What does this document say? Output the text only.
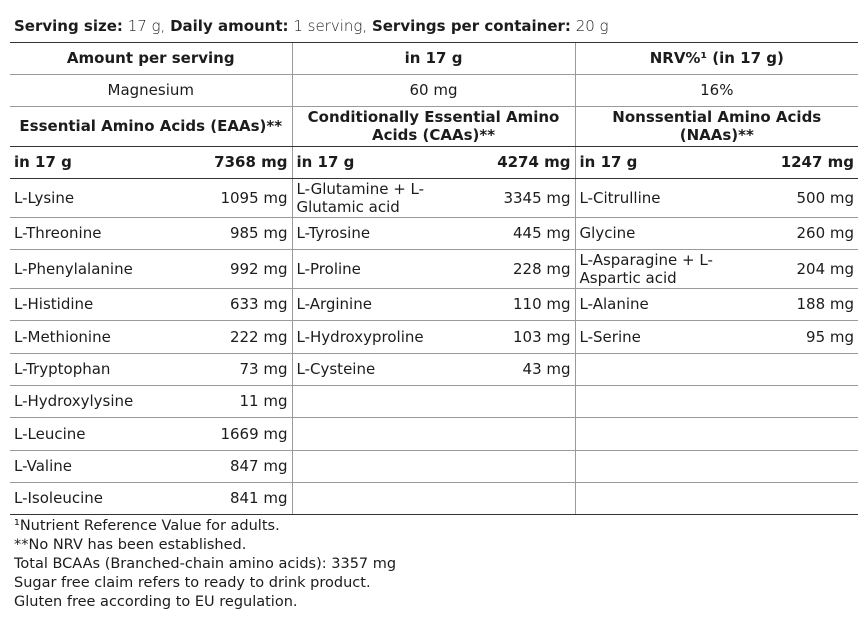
Serving size: 17 g, Daily amount: 1 serving, Servings per container: 20 g
Amount per serving		in 17 g		NRV%¹ (in 17 g)	
Magnesium		60 mg		16%	
Essential Amino Acids (EAAs)**		Conditionally Essential Amino Acids (CAAs)**		Nonssential Amino Acids (NAAs)**	
in 17 g	7368 mg	in 17 g	4274 mg	in 17 g	1247 mg
L-Lysine	1095 mg	L-Glutamine + L-Glutamic acid	3345 mg	L-Citrulline	500 mg
L-Threonine	985 mg	L-Tyrosine	445 mg	Glycine	260 mg
L-Phenylalanine	992 mg	L-Proline	228 mg	L-Asparagine + L-Aspartic acid	204 mg
L-Histidine	633 mg	L-Arginine	110 mg	L-Alanine	188 mg
L-Methionine	222 mg	L-Hydroxyproline	103 mg	L-Serine	95 mg
L-Tryptophan	73 mg	L-Cysteine	43 mg		
L-Hydroxylysine	11 mg				
L-Leucine	1669 mg				
L-Valine	847 mg				
L-Isoleucine	841 mg				
¹Nutrient Reference Value for adults.
**No NRV has been established.
Total BCAAs (Branched-chain amino acids): 3357 mg
Sugar free claim refers to ready to drink product.
Gluten free according to EU regulation.
